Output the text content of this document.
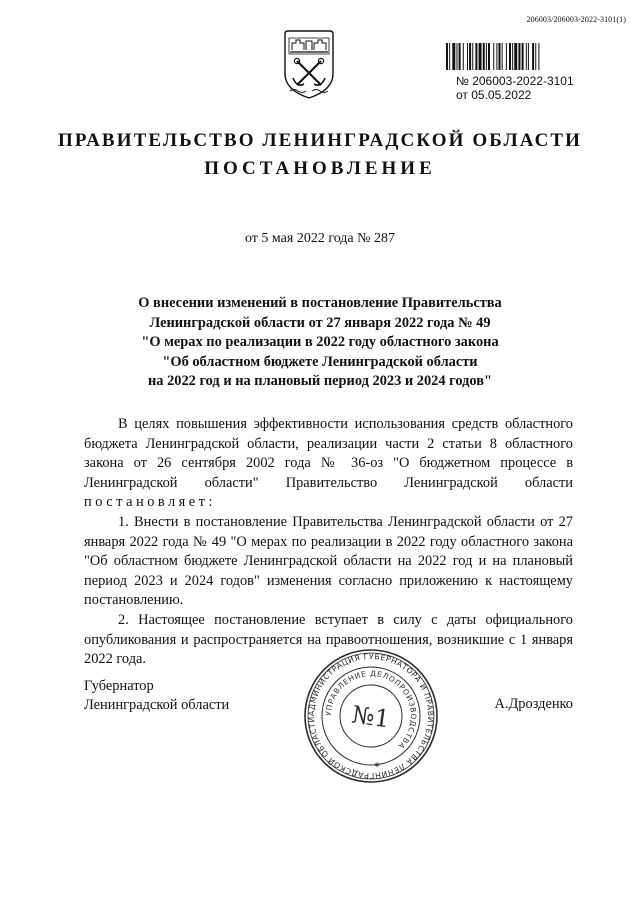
206003/206003-2022-3101(1)
№ 206003-2022-3101
от 05.05.2022
ПРАВИТЕЛЬСТВО ЛЕНИНГРАДСКОЙ ОБЛАСТИ
ПОСТАНОВЛЕНИЕ
от 5 мая 2022 года № 287
О внесении изменений в постановление Правительства
Ленинградской области от 27 января 2022 года № 49
"О мерах по реализации в 2022 году областного закона
"Об областном бюджете Ленинградской области
на 2022 год и на плановый период 2023 и 2024 годов"

В целях повышения эффективности использования средств областного бюджета Ленинградской области, реализации части 2 статьи 8 областного закона от 26 сентября 2002 года № 36-оз "О бюджетном процессе в Ленинградской области" Правительство Ленинградской области постановляет:

1. Внести в постановление Правительства Ленинградской области от 27 января 2022 года № 49 "О мерах по реализации в 2022 году областного закона "Об областном бюджете Ленинградской области на 2022 год и на плановый период 2023 и 2024 годов" изменения согласно приложению к настоящему постановлению.

2. Настоящее постановление вступает в силу с даты официального опубликования и распространяется на правоотношения, возникшие с 1 января 2022 года.

Губернатор
Ленинградской области	А.Дрозденко
АДМИНИСТРАЦИЯ ГУБЕРНАТОРА И ПРАВИТЕЛЬСТВА ЛЕНИНГРАДСКОЙ ОБЛАСТИ
УПРАВЛЕНИЕ ДЕЛОПРОИЗВОДСТВА
№1
✶
